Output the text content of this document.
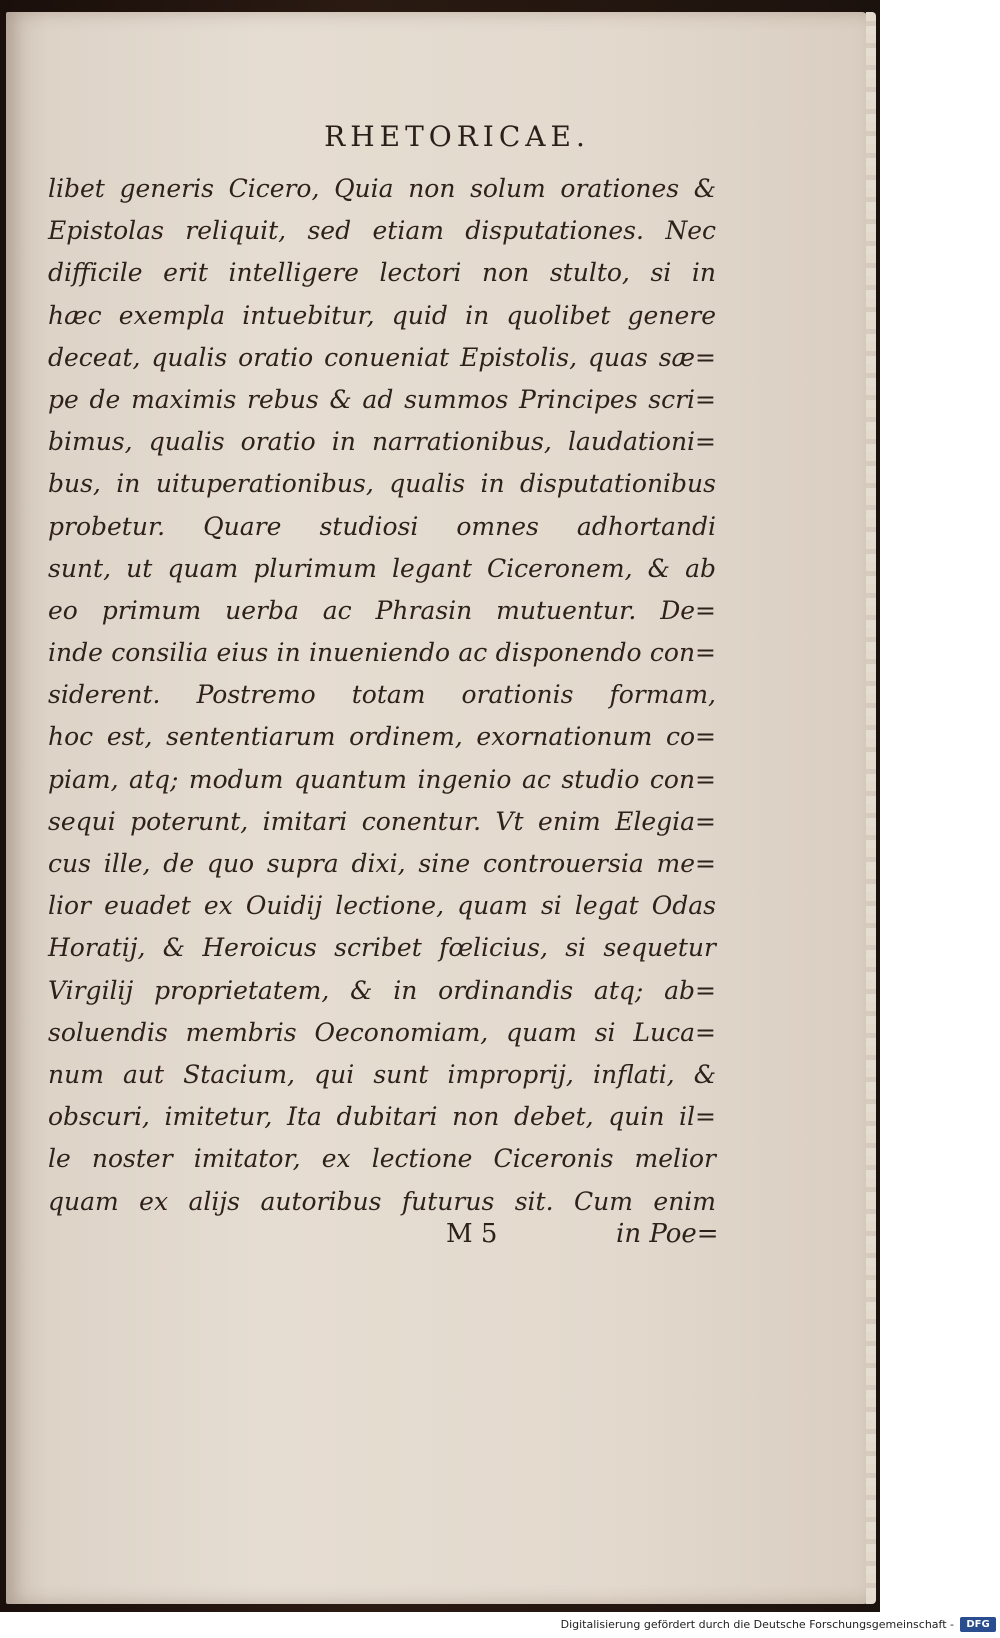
RHETORICAE.
libet generis Cicero, Quia non solum orationes &
Epistolas reliquit, sed etiam disputationes. Nec
difficile erit intelligere lectori non stulto, si in
hæc exempla intuebitur, quid in quolibet genere
deceat, qualis oratio conueniat Epistolis, quas sæ=
pe de maximis rebus & ad summos Principes scri=
bimus, qualis oratio in narrationibus, laudationi=
bus, in uituperationibus, qualis in disputationibus
probetur. Quare studiosi omnes adhortandi
sunt, ut quam plurimum legant Ciceronem, & ab
eo primum uerba ac Phrasin mutuentur. De=
inde consilia eius in inueniendo ac disponendo con=
siderent. Postremo totam orationis formam,
hoc est, sententiarum ordinem, exornationum co=
piam, atq; modum quantum ingenio ac studio con=
sequi poterunt, imitari conentur. Vt enim Elegia=
cus ille, de quo supra dixi, sine controuersia me=
lior euadet ex Ouidij lectione, quam si legat Odas
Horatij, & Heroicus scribet fœlicius, si sequetur
Virgilij proprietatem, & in ordinandis atq; ab=
soluendis membris Oeconomiam, quam si Luca=
num aut Stacium, qui sunt improprij, inflati, &
obscuri, imitetur, Ita dubitari non debet, quin il=
le noster imitator, ex lectione Ciceronis melior
quam ex alijs autoribus futurus sit. Cum enim
M 5	in Poe=
Digitalisierung gefördert durch die Deutsche Forschungsgemeinschaft -	DFG
